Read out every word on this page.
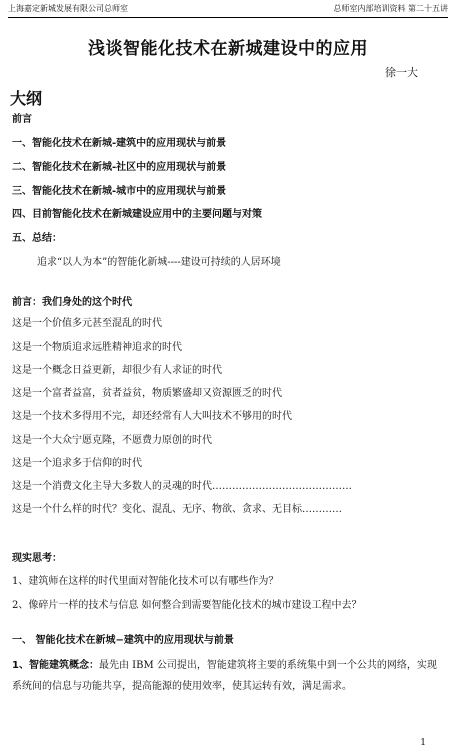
上海嘉定新城发展有限公司总师室	总师室内部培训资料 第二十五讲
浅谈智能化技术在新城建设中的应用
徐一大
大纲
前言
一、智能化技术在新城-建筑中的应用现状与前景
二、智能化技术在新城-社区中的应用现状与前景
三、智能化技术在新城-城市中的应用现状与前景
四、目前智能化技术在新城建设应用中的主要问题与对策
五、总结：
追求“以人为本”的智能化新城----建设可持续的人居环境
前言：我们身处的这个时代
这是一个价值多元甚至混乱的时代
这是一个物质追求远胜精神追求的时代
这是一个概念日益更新，却很少有人求证的时代
这是一个富者益富，贫者益贫，物质繁盛却又资源匮乏的时代
这是一个技术多得用不完，却还经常有人大叫技术不够用的时代
这是一个大众宁愿克隆，不愿费力原创的时代
这是一个追求多于信仰的时代
这是一个消费文化主导大多数人的灵魂的时代……………………………………
这是一个什么样的时代？变化、混乱、无序、物欲、贪求、无目标…………
现实思考：
1、建筑师在这样的时代里面对智能化技术可以有哪些作为？
2、像碎片一样的技术与信息 如何整合到需要智能化技术的城市建设工程中去？
一、 智能化技术在新城−建筑中的应用现状与前景
1、智能建筑概念：最先由 IBM 公司提出，智能建筑将主要的系统集中到一个公共的网络，实现系统间的信息与功能共享，提高能源的使用效率，使其运转有效，满足需求。
1
